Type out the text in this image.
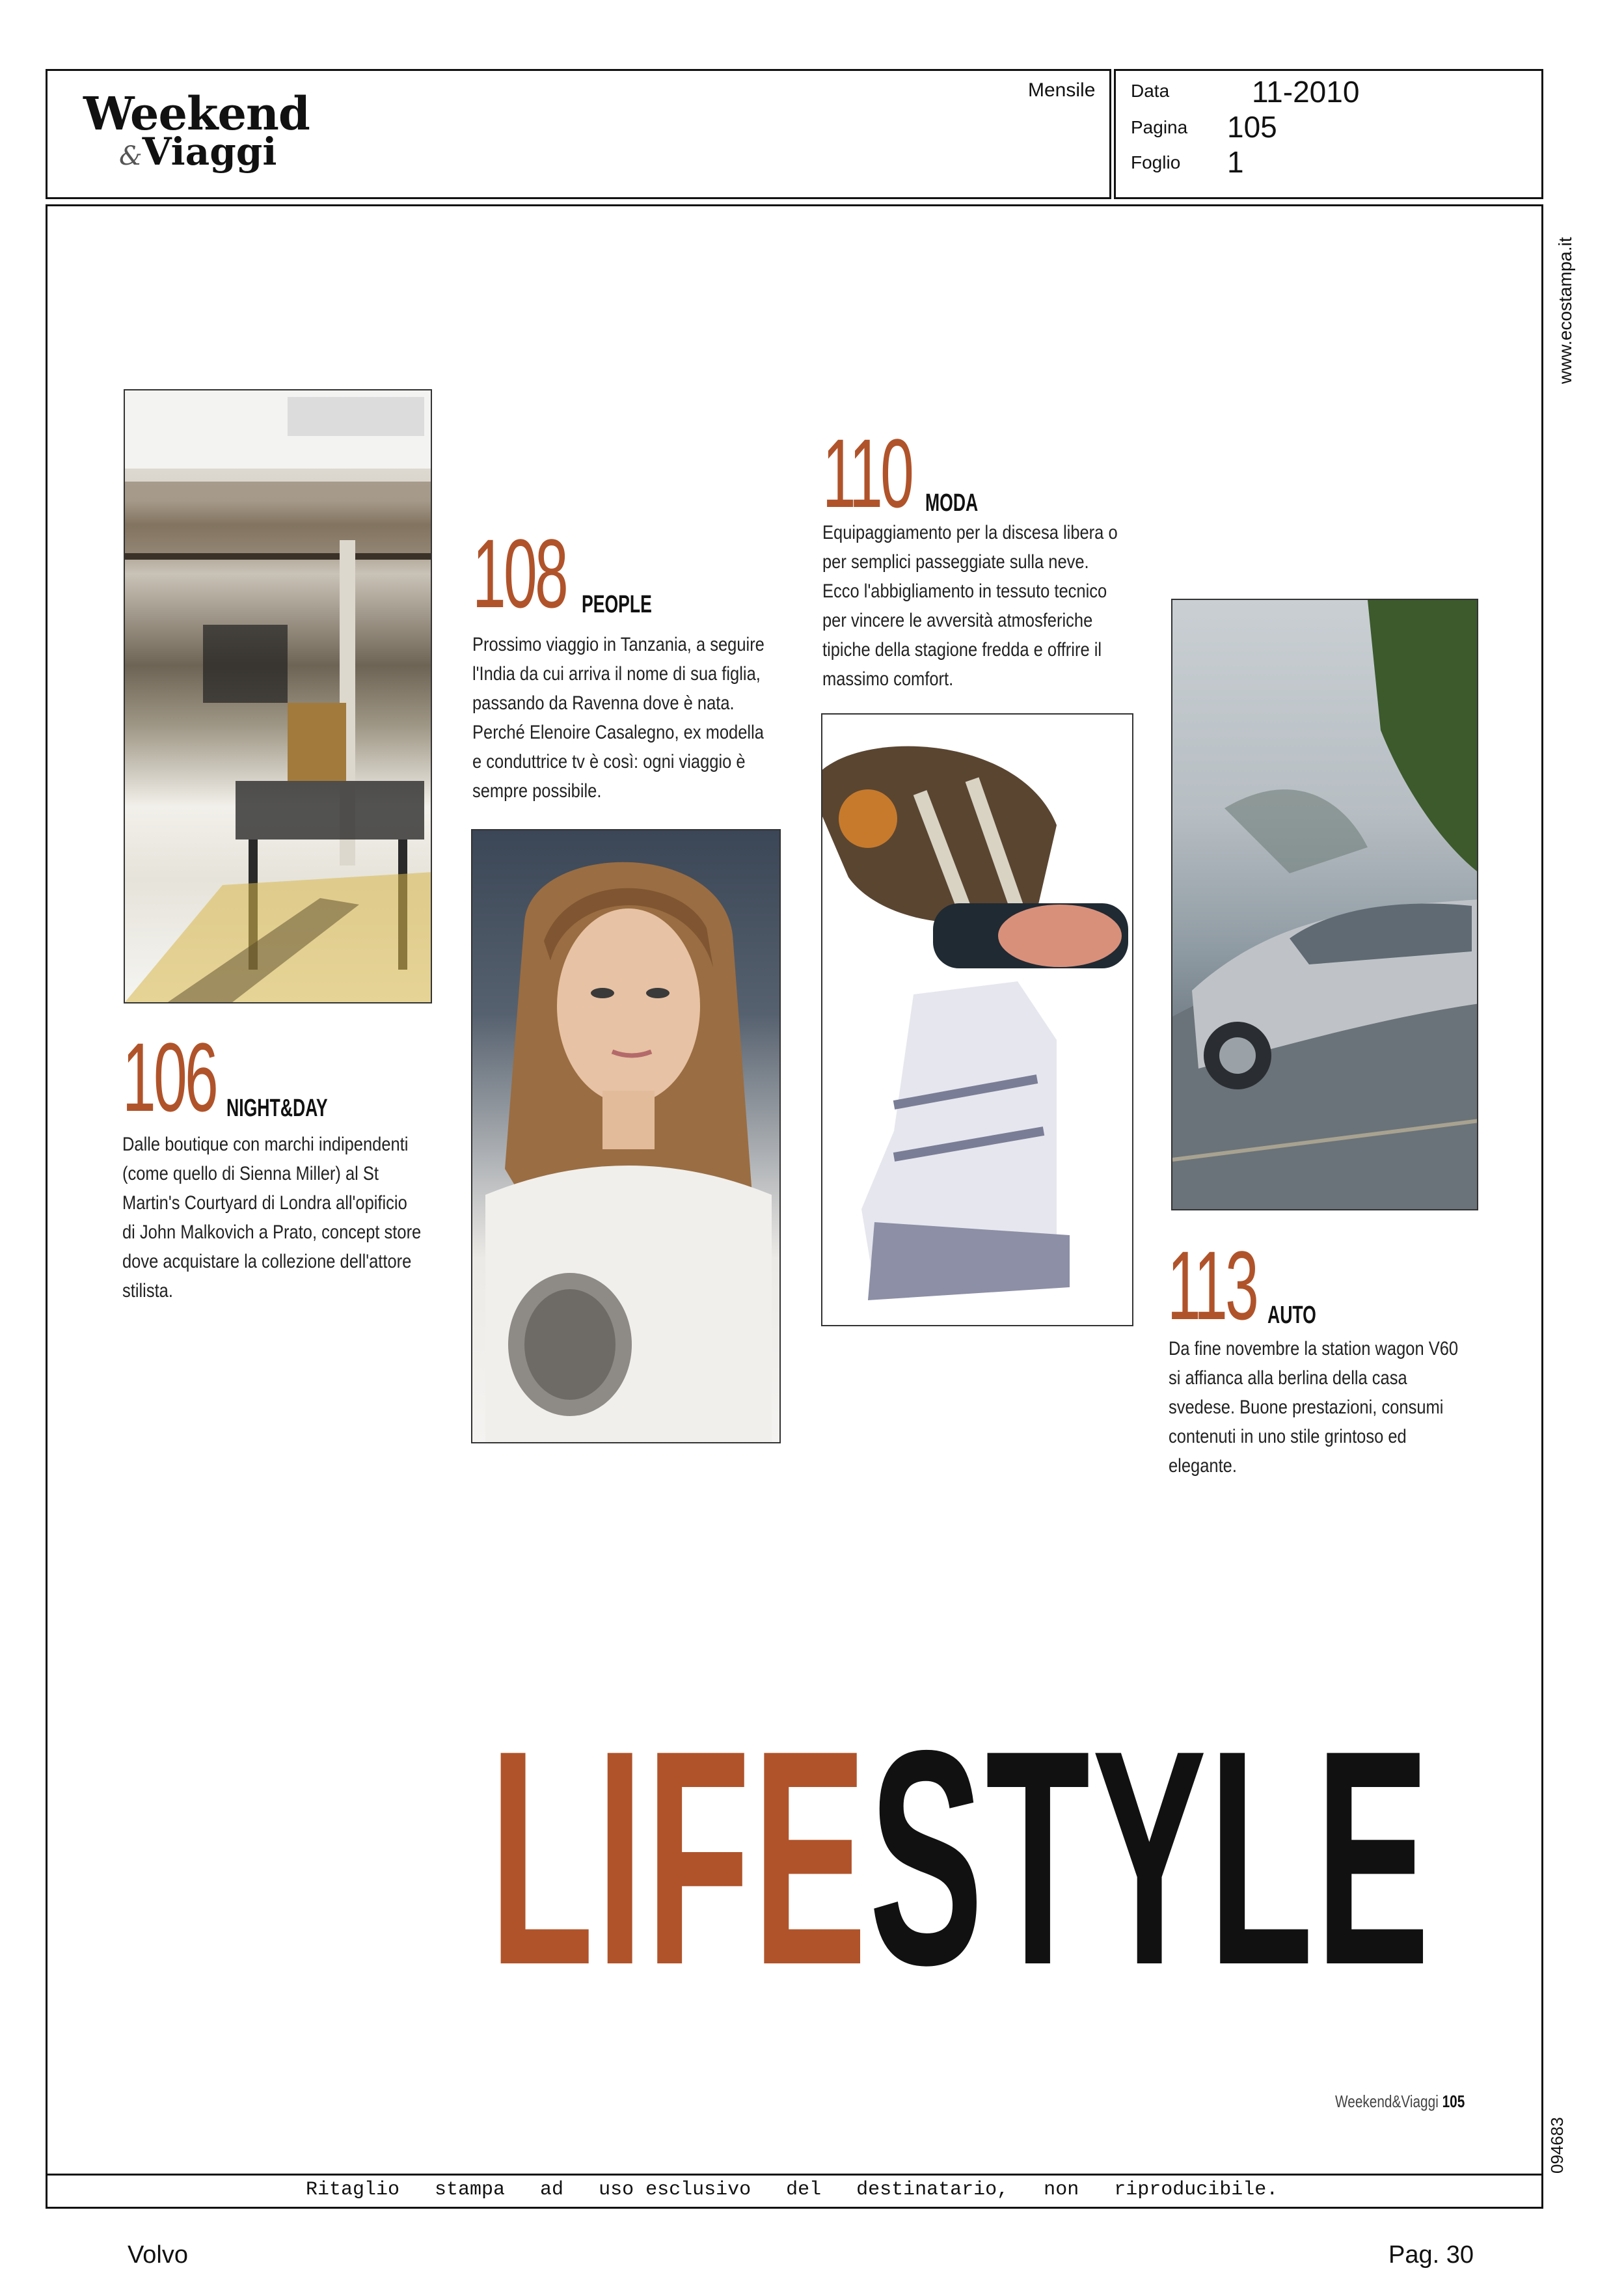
Weekend
&Viaggi
Mensile Data	11-2010
Pagina 105
Foglio 1
www.ecostampa.it
094683
106 NIGHT&DAY
Dalle boutique con marchi indipendenti (come quello di Sienna Miller) al St Martin's Courtyard di Londra all'opificio di John Malkovich a Prato, concept store dove acquistare la collezione dell'attore stilista.
108 PEOPLE
Prossimo viaggio in Tanzania, a seguire l'India da cui arriva il nome di sua figlia, passando da Ravenna dove è nata. Perché Elenoire Casalegno, ex modella e conduttrice tv è così: ogni viaggio è sempre possibile.
110 MODA
Equipaggiamento per la discesa libera o per semplici passeggiate sulla neve. Ecco l'abbigliamento in tessuto tecnico per vincere le avversità atmosferiche tipiche della stagione fredda e offrire il massimo comfort.
113 AUTO
Da fine novembre la station wagon V60 si affianca alla berlina della casa svedese. Buone prestazioni, consumi contenuti in uno stile grintoso ed elegante.
LIFESTYLE
Weekend&Viaggi 105
Ritaglio   stampa   ad   uso esclusivo   del   destinatario,   non   riproducibile.
Volvo	Pag. 30
